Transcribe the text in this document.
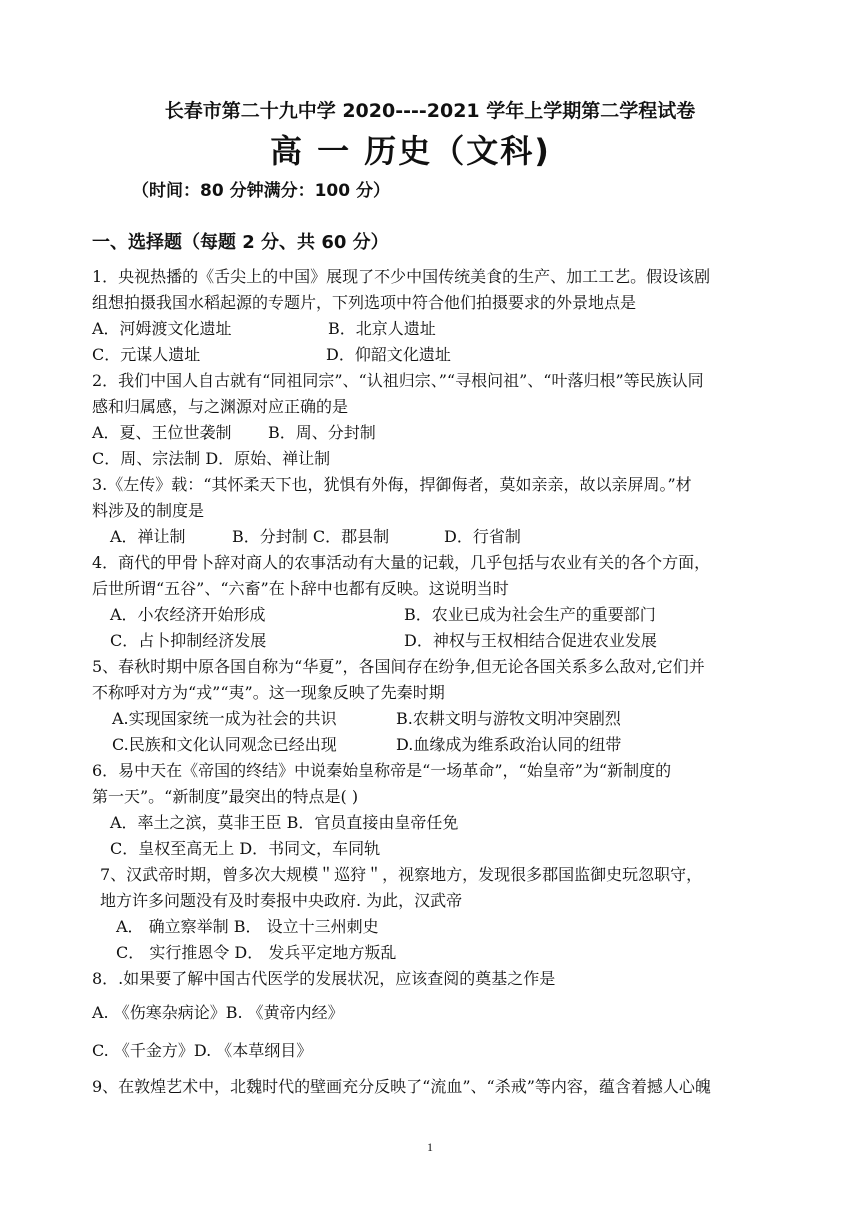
长春市第二十九中学 2020----2021 学年上学期第二学程试卷
高 一 历史（文科)
（时间：80 分钟满分：100 分）
一、选择题（每题 2 分、共 60 分）
1．央视热播的《舌尖上的中国》展现了不少中国传统美食的生产、加工工艺。假设该剧
组想拍摄我国水稻起源的专题片，下列选项中符合他们拍摄要求的外景地点是
A．河姆渡文化遗址	B．北京人遗址
C．元谋人遗址	D．仰韶文化遗址
2．我们中国人自古就有“同祖同宗”、“认祖归宗、”“寻根问祖”、“叶落归根”等民族认同
感和归属感，与之渊源对应正确的是
A．夏、王位世袭制 B．周、分封制
C．周、宗法制 D．原始、禅让制
3.《左传》载：“其怀柔天下也，犹惧有外侮，捍御侮者，莫如亲亲，故以亲屏周。”材
料涉及的制度是
A．禅让制	B．分封制 C．郡县制	D．行省制
4．商代的甲骨卜辞对商人的农事活动有大量的记载，几乎包括与农业有关的各个方面，
后世所谓“五谷”、“六畜”在卜辞中也都有反映。这说明当时
A．小农经济开始形成	B．农业已成为社会生产的重要部门
C．占卜抑制经济发展	D．神权与王权相结合促进农业发展
5、春秋时期中原各国自称为“华夏”，各国间存在纷争,但无论各国关系多么敌对,它们并
不称呼对方为“戎”“夷”。这一现象反映了先秦时期
A.实现国家统一成为社会的共识	B.农耕文明与游牧文明冲突剧烈
C.民族和文化认同观念已经出现	D.血缘成为维系政治认同的纽带
6．易中天在《帝国的终结》中说秦始皇称帝是“一场革命”，“始皇帝”为“新制度的
第一天”。“新制度”最突出的特点是( )
A．率土之滨，莫非王臣 B．官员直接由皇帝任免
C．皇权至高无上 D．书同文，车同轨
7、汉武帝时期，曾多次大规模＂巡狩＂，视察地方，发现很多郡国监御史玩忽职守，
地方许多问题没有及时奏报中央政府. 为此，汉武帝
A． 确立察举制 B． 设立十三州刺史
C． 实行推恩令 D． 发兵平定地方叛乱
8．.如果要了解中国古代医学的发展状况，应该查阅的奠基之作是
A. 《伤寒杂病论》B. 《黄帝内经》
C. 《千金方》D. 《本草纲目》
9、在敦煌艺术中，北魏时代的壁画充分反映了“流血”、“杀戒”等内容，蕴含着撼人心魄
1
